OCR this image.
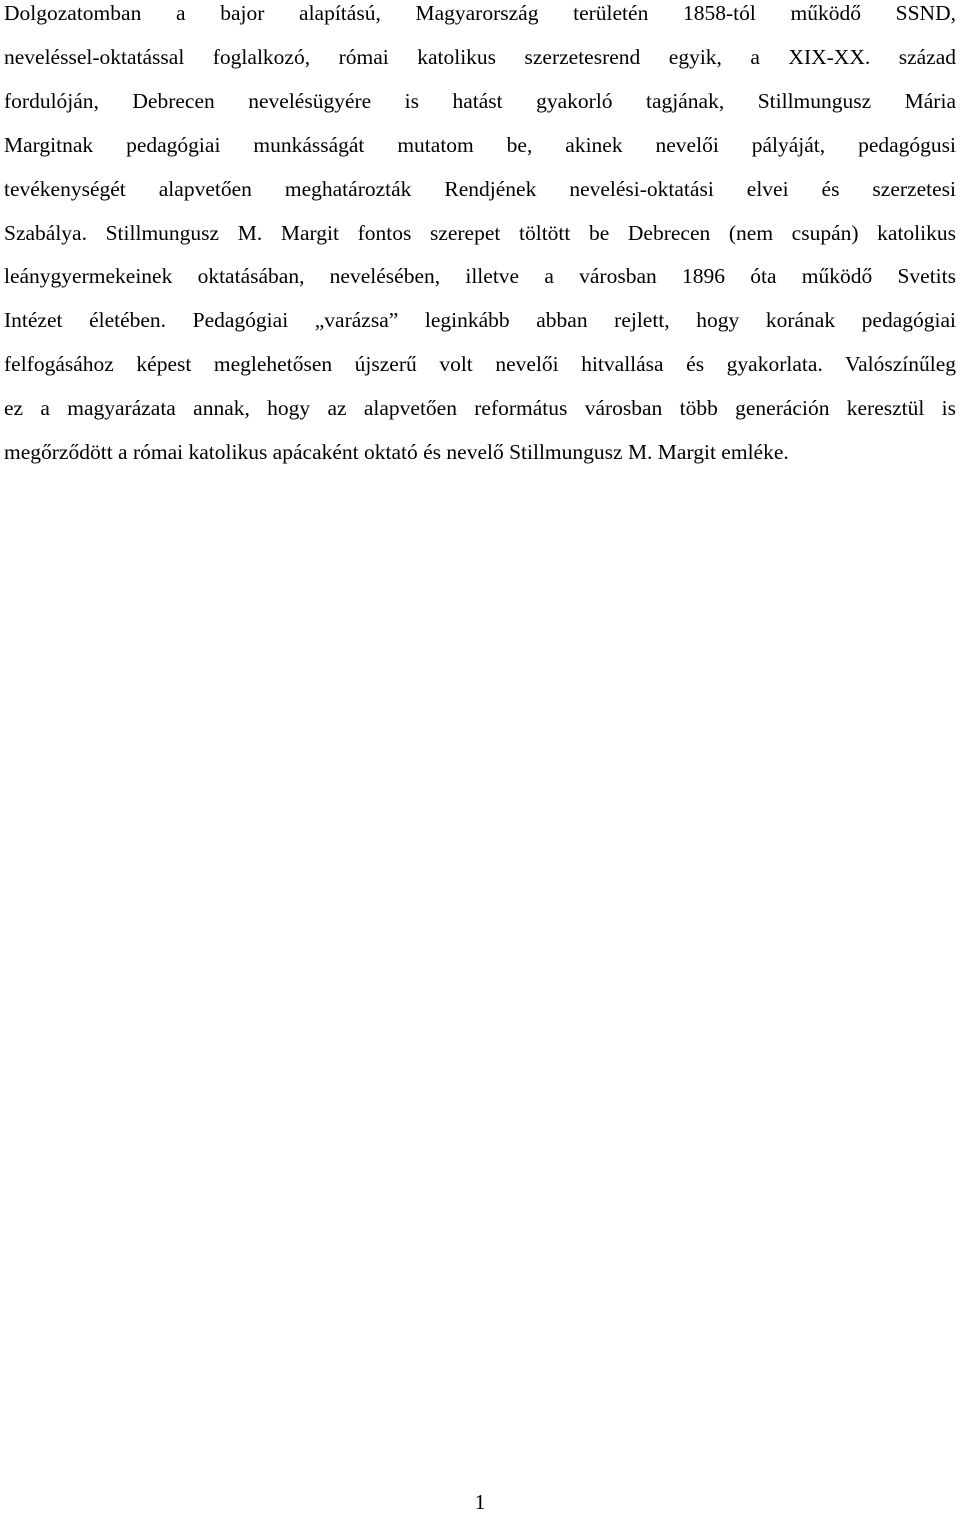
Dolgozatomban a bajor alapítású, Magyarország területén 1858-tól működő SSND,
neveléssel-oktatással foglalkozó, római katolikus szerzetesrend egyik, a XIX-XX. század
fordulóján, Debrecen nevelésügyére is hatást gyakorló tagjának, Stillmungusz Mária
Margitnak pedagógiai munkásságát mutatom be, akinek nevelői pályáját, pedagógusi
tevékenységét alapvetően meghatározták Rendjének nevelési-oktatási elvei és szerzetesi
Szabálya. Stillmungusz M. Margit fontos szerepet töltött be Debrecen (nem csupán) katolikus
leánygyermekeinek oktatásában, nevelésében, illetve a városban 1896 óta működő Svetits
Intézet életében. Pedagógiai „varázsa” leginkább abban rejlett, hogy korának pedagógiai
felfogásához képest meglehetősen újszerű volt nevelői hitvallása és gyakorlata. Valószínűleg
ez a magyarázata annak, hogy az alapvetően református városban több generáción keresztül is
megőrződött a római katolikus apácaként oktató és nevelő Stillmungusz M. Margit emléke.
1
